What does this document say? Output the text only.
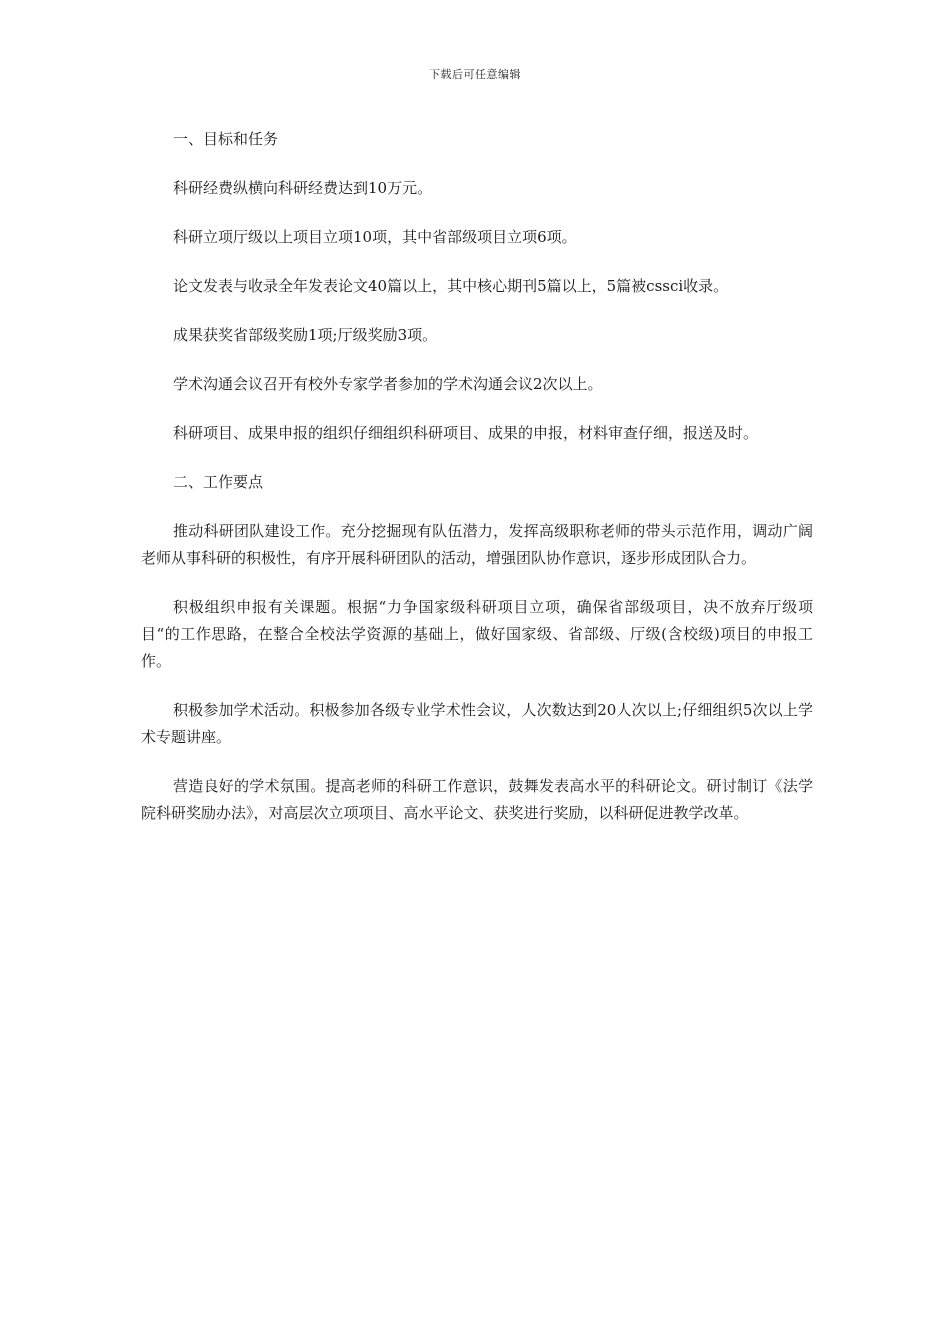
下载后可任意编辑

一、目标和任务

科研经费纵横向科研经费达到10万元。

科研立项厅级以上项目立项10项，其中省部级项目立项6项。

论文发表与收录全年发表论文40篇以上，其中核心期刊5篇以上，5篇被cssci收录。

成果获奖省部级奖励1项;厅级奖励3项。

学术沟通会议召开有校外专家学者参加的学术沟通会议2次以上。

科研项目、成果申报的组织仔细组织科研项目、成果的申报，材料审查仔细，报送及时。

二、工作要点

推动科研团队建设工作。充分挖掘现有队伍潜力，发挥高级职称老师的带头示范作用，调动广阔老师从事科研的积极性，有序开展科研团队的活动，增强团队协作意识，逐步形成团队合力。

积极组织申报有关课题。根据“力争国家级科研项目立项，确保省部级项目，决不放弃厅级项目“的工作思路，在整合全校法学资源的基础上，做好国家级、省部级、厅级(含校级)项目的申报工作。

积极参加学术活动。积极参加各级专业学术性会议，人次数达到20人次以上;仔细组织5次以上学术专题讲座。

营造良好的学术氛围。提高老师的科研工作意识，鼓舞发表高水平的科研论文。研讨制订《法学院科研奖励办法》，对高层次立项项目、高水平论文、获奖进行奖励，以科研促进教学改革。
